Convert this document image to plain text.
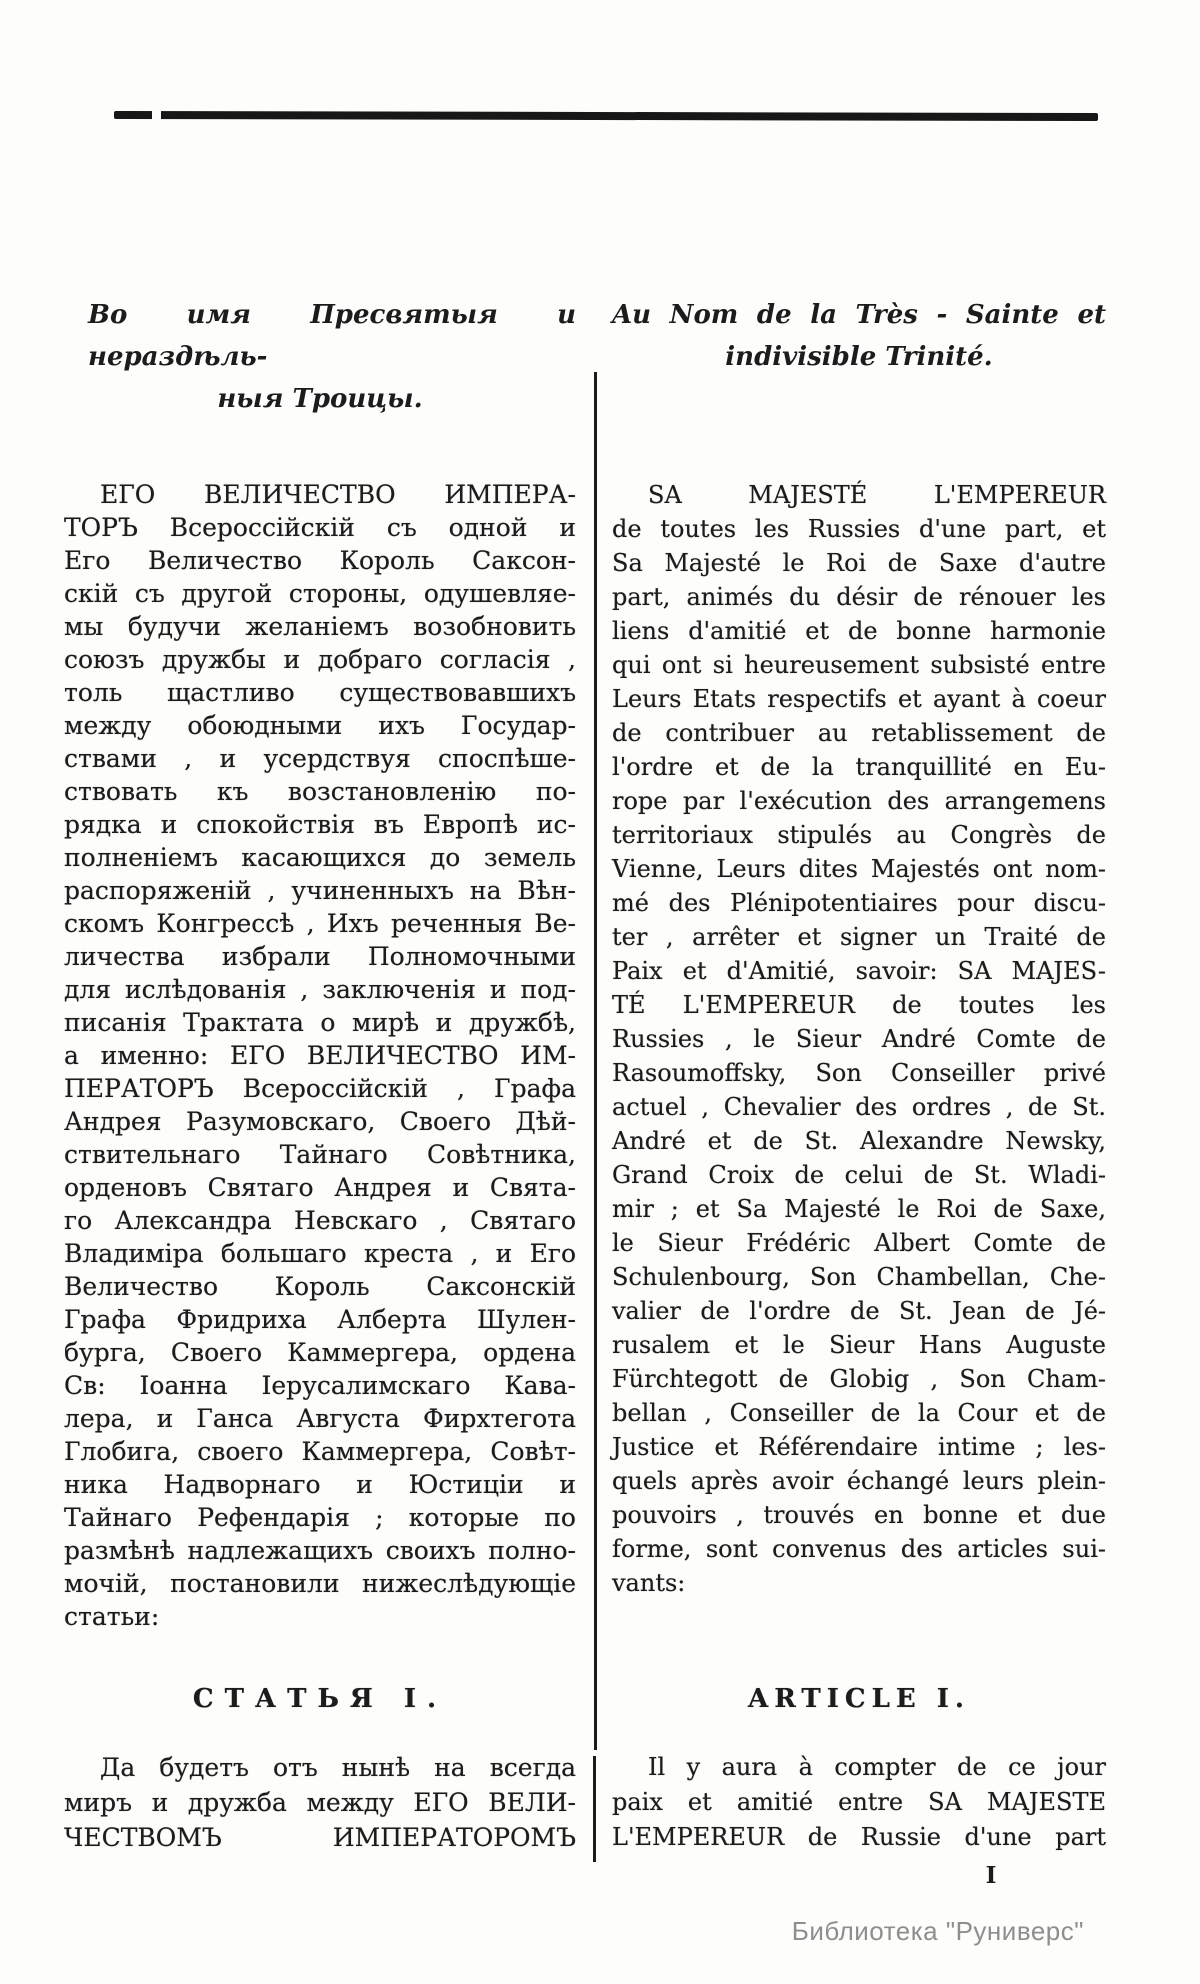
Во имя Пресвятыя и нераздѣль-
ныя Троицы.
ЕГО ВЕЛИЧЕСТВО ИМПЕРА-
ТОРЪ Всероссійскій съ одной и
Его Величество Король Саксон-
скій съ другой стороны, одушевляе-
мы будучи желаніемъ возобновить
союзъ дружбы и добраго согласія ,
толь щастливо существовавшихъ
между обоюдными ихъ Государ-
ствами , и усердствуя споспѣше-
ствовать къ возстановленію по-
рядка и спокойствія въ Европѣ ис-
полненіемъ касающихся до земель
распоряженій , учиненныхъ на Вѣн-
скомъ Конгрессѣ , Ихъ реченныя Ве-
личества избрали Полномочными
для ислѣдованія , заключенія и под-
писанія Трактата о мирѣ и дружбѣ,
а именно: ЕГО ВЕЛИЧЕСТВО ИМ-
ПЕРАТОРЪ Всероссійскій , Графа
Андрея Разумовскаго, Своего Дѣй-
ствительнаго Тайнаго Совѣтника,
орденовъ Святаго Андрея и Свята-
го Александра Невскаго , Святаго
Владиміра большаго креста , и Его
Величество Король Саксонскій
Графа Фридриха Алберта Шулен-
бурга, Своего Каммергера, ордена
Св: Іоанна Іерусалимскаго Кава-
лера, и Ганса Августа Фирхтегота
Глобига, своего Каммергера, Совѣт-
ника Надворнаго и Юстиціи и
Тайнаго Рефендарія ; которые по
размѣнѣ надлежащихъ своихъ полно-
мочій, постановили нижеслѣдующіе
статьи:
СТАТЬЯ I.
Да будетъ отъ нынѣ на всегда
миръ и дружба между ЕГО ВЕЛИ-
ЧЕСТВОМЪ ИМПЕРАТОРОМЪ
Au Nom de la Très - Sainte et
indivisible Trinité.
SA MAJESTÉ L'EMPEREUR
de toutes les Russies d'une part, et
Sa Majesté le Roi de Saxe d'autre
part, animés du désir de rénouer les
liens d'amitié et de bonne harmonie
qui ont si heureusement subsisté entre
Leurs Etats respectifs et ayant à coeur
de contribuer au retablissement de
l'ordre et de la tranquillité en Eu-
rope par l'exécution des arrangemens
territoriaux stipulés au Congrès de
Vienne, Leurs dites Majestés ont nom-
mé des Plénipotentiaires pour discu-
ter , arrêter et signer un Traité de
Paix et d'Amitié, savoir: SA MAJES-
TÉ L'EMPEREUR de toutes les
Russies , le Sieur André Comte de
Rasoumoffsky, Son Conseiller privé
actuel , Chevalier des ordres , de St.
André et de St. Alexandre Newsky,
Grand Croix de celui de St. Wladi-
mir ; et Sa Majesté le Roi de Saxe,
le Sieur Frédéric Albert Comte de
Schulenbourg, Son Chambellan, Che-
valier de l'ordre de St. Jean de Jé-
rusalem et le Sieur Hans Auguste
Fürchtegott de Globig , Son Cham-
bellan , Conseiller de la Cour et de
Justice et Référendaire intime ; les-
quels après avoir échangé leurs plein-
pouvoirs , trouvés en bonne et due
forme, sont convenus des articles sui-
vants:
ARTICLE I.
Il y aura à compter de ce jour
paix et amitié entre SA MAJESTE
L'EMPEREUR de Russie d'une part
I
Библиотека "Руниверс"
